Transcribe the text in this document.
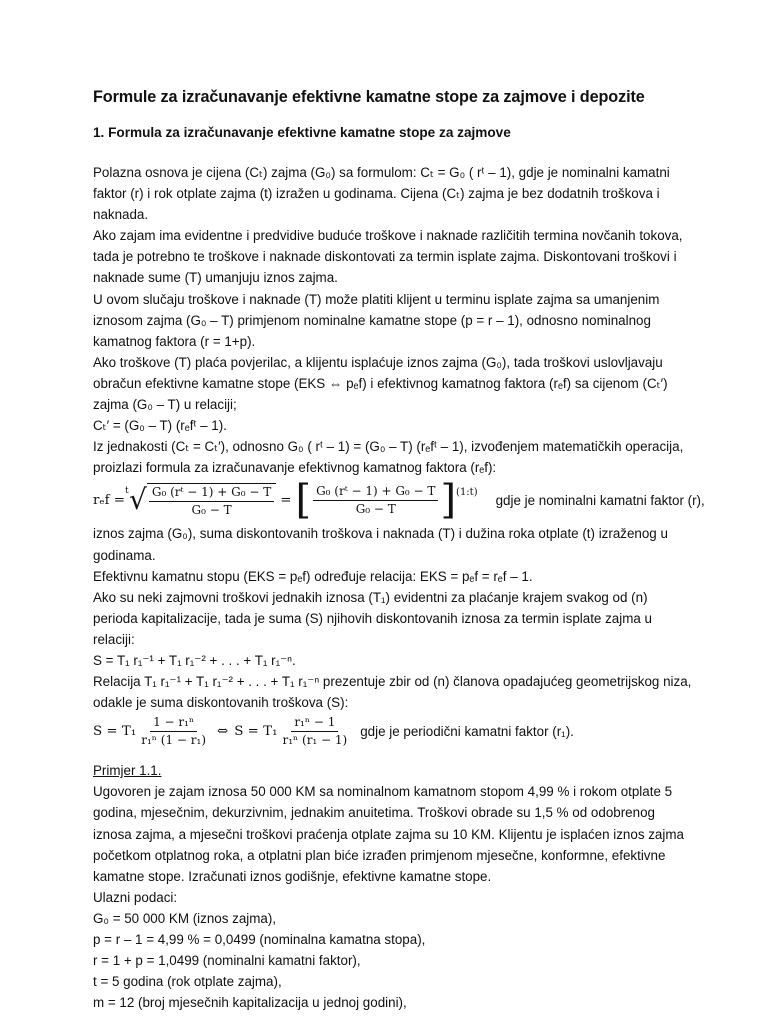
Formule za izračunavanje efektivne kamatne stope za zajmove i depozite
1. Formula za izračunavanje efektivne kamatne stope za zajmove

Polazna osnova je cijena (Cₜ) zajma (G₀) sa formulom: Cₜ = G₀ ( rᵗ – 1), gdje je nominalni kamatni faktor (r) i rok otplate zajma (t) izražen u godinama. Cijena (Cₜ) zajma je bez dodatnih troškova i naknada.

Ako zajam ima evidentne i predvidive buduće troškove i naknade različitih termina novčanih tokova, tada je potrebno te troškove i naknade diskontovati za termin isplate zajma. Diskontovani troškovi i naknade sume (T) umanjuju iznos zajma.

U ovom slučaju troškove i naknade (T) može platiti klijent u terminu isplate zajma sa umanjenim iznosom zajma (G₀ – T) primjenom nominalne kamatne stope (p = r – 1), odnosno nominalnog kamatnog faktora (r = 1+p).

Ako troškove (T) plaća povjerilac, a klijentu isplaćuje iznos zajma (G₀), tada troškovi uslovljavaju obračun efektivne kamatne stope (EKS ⇔ pₑf) i efektivnog kamatnog faktora (rₑf) sa cijenom (Cₜ′) zajma (G₀ – T) u relaciji;

Cₜ′ = (G₀ – T) (rₑfᵗ – 1).

Iz jednakosti (Cₜ = Cₜ′), odnosno G₀ ( rᵗ – 1) = (G₀ – T) (rₑfᵗ – 1), izvođenjem matematičkih operacija, proizlazi formula za izračunavanje efektivnog kamatnog faktora (rₑf):

rₑf =
t √ $\frac{\text{G₀ (rᵗ − 1) + G₀ − T}}{\text{G₀ − T}}$ = [ $\frac{\text{G₀ (rᵗ − 1) + G₀ − T}}{\text{G₀ − T}} ]^{(1:t)}$ gdje je nominalni kamatni faktor (r),

iznos zajma (G₀), suma diskontovanih troškova i naknada (T) i dužina roka otplate (t) izraženog u godinama.

Efektivnu kamatnu stopu (EKS = pₑf) određuje relacija: EKS = pₑf = rₑf – 1.

Ako su neki zajmovni troškovi jednakih iznosa (T₁) evidentni za plaćanje krajem svakog od (n) perioda kapitalizacije, tada je suma (S) njihovih diskontovanih iznosa za termin isplate zajma u relaciji:

S = T₁ r₁⁻¹ + T₁ r₁⁻² + . . . + T₁ r₁⁻ⁿ.

Relacija T₁ r₁⁻¹ + T₁ r₁⁻² + . . . + T₁ r₁⁻ⁿ prezentuje zbir od (n) članova opadajućeg geometrijskog niza, odakle je suma diskontovanih troškova (S):

$S = T_1 \frac{\text{1 − r₁ⁿ}}{\text{r₁ⁿ (1 − r₁)}}$ ⇔ $S = T_1 \frac{\text{r₁ⁿ − 1}}{\text{r₁ⁿ (r₁ − 1)}}$ gdje je periodični kamatni faktor (r₁).

Primjer 1.1.

Ugovoren je zajam iznosa 50 000 KM sa nominalnom kamatnom stopom 4,99 % i rokom otplate 5 godina, mjesečnim, dekurzivnim, jednakim anuitetima. Troškovi obrade su 1,5 % od odobrenog iznosa zajma, a mjesečni troškovi praćenja otplate zajma su 10 KM. Klijentu je isplaćen iznos zajma početkom otplatnog roka, a otplatni plan biće izrađen primjenom mjesečne, konformne, efektivne kamatne stope. Izračunati iznos godišnje, efektivne kamatne stope.

Ulazni podaci:

G₀ = 50 000 KM (iznos zajma),

p = r – 1 = 4,99 % = 0,0499 (nominalna kamatna stopa),

r = 1 + p = 1,0499 (nominalni kamatni faktor),

t = 5 godina (rok otplate zajma),

m = 12 (broj mjesečnih kapitalizacija u jednoj godini),
